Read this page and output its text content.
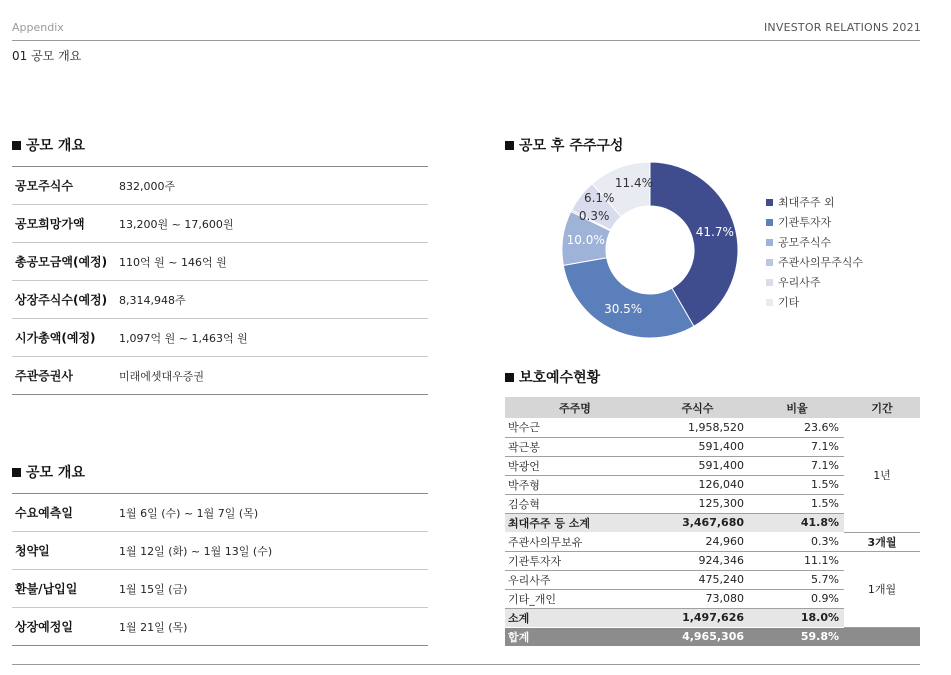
Appendix	INVESTOR RELATIONS 2021
01 공모 개요
공모 개요
공모주식수	832,000주
공모희망가액	13,200원 ~ 17,600원
총공모금액(예정)	110억 원 ~ 146억 원
상장주식수(예정)	8,314,948주
시가총액(예정)	1,097억 원 ~ 1,463억 원
주관증권사	미래에셋대우증권
공모 개요
수요예측일	1월 6일 (수) ~ 1월 7일 (목)
청약일	1월 12일 (화) ~ 1월 13일 (수)
환불/납입일	1월 15일 (금)
상장예정일	1월 21일 (목)
공모 후 주주구성
41.7%
30.5%
10.0%
0.3%
6.1%
11.4%
최대주주 외
기관투자자
공모주식수
주관사의무주식수
우리사주
기타
보호예수현황
주주명	주식수	비율	기간
박수근	1,958,520	23.6%	1년
곽근봉	591,400	7.1%	
박광언	591,400	7.1%	
박주형	126,040	1.5%	
김승혁	125,300	1.5%	
최대주주 등 소계	3,467,680	41.8%	
주관사의무보유	24,960	0.3%	3개월
기관투자자	924,346	11.1%	1개월
우리사주	475,240	5.7%	
기타_개인	73,080	0.9%	
소계	1,497,626	18.0%	
합계	4,965,306	59.8%	
